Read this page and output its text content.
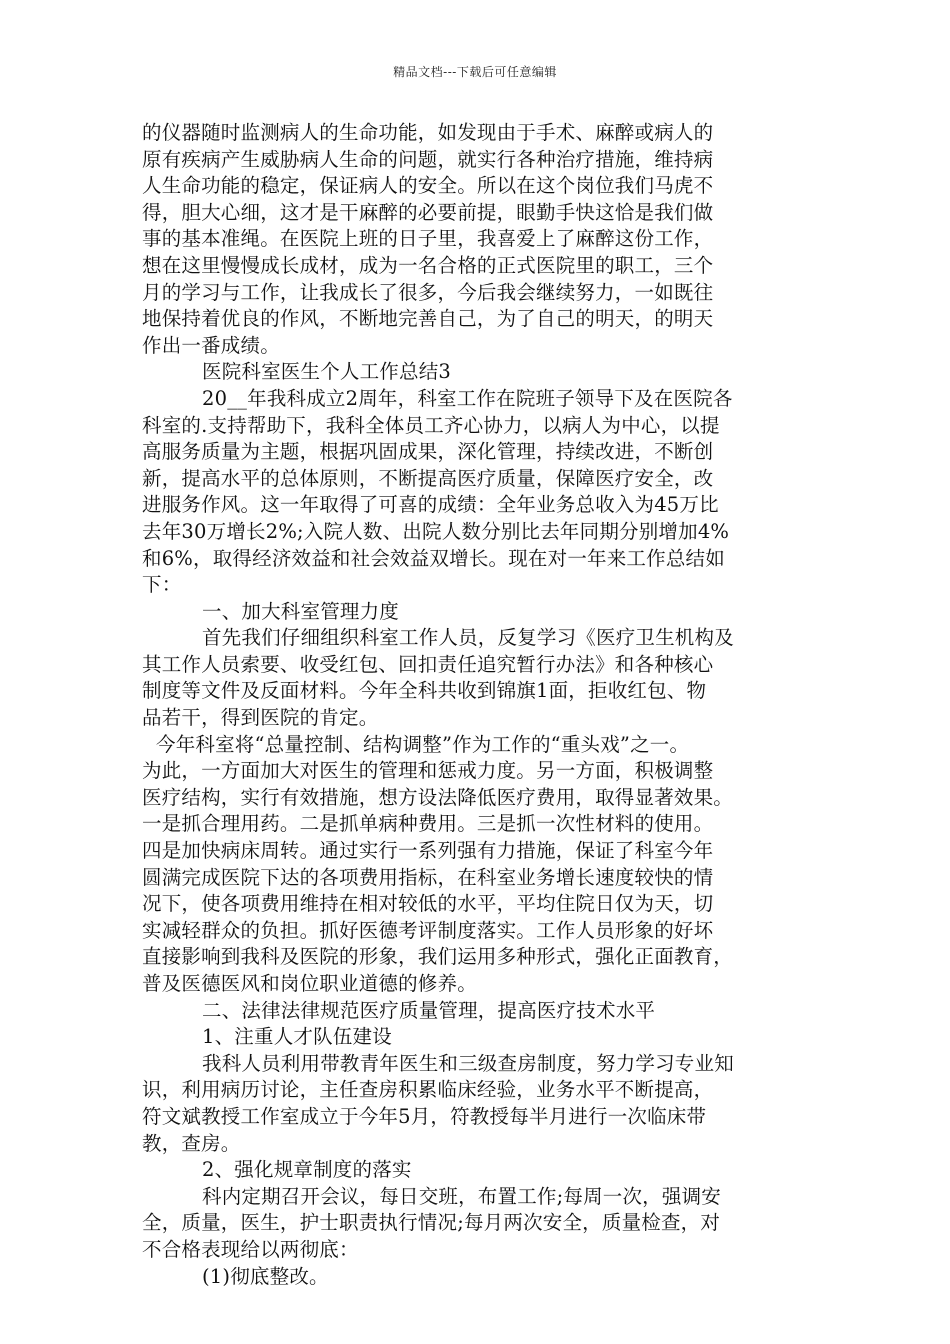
精品文档---下载后可任意编辑
的仪器随时监测病人的生命功能，如发现由于手术、麻醉或病人的
原有疾病产生威胁病人生命的问题，就实行各种治疗措施，维持病
人生命功能的稳定，保证病人的安全。所以在这个岗位我们马虎不
得，胆大心细，这才是干麻醉的必要前提，眼勤手快这恰是我们做
事的基本准绳。在医院上班的日子里，我喜爱上了麻醉这份工作，
想在这里慢慢成长成材，成为一名合格的正式医院里的职工，三个
月的学习与工作，让我成长了很多，今后我会继续努力，一如既往
地保持着优良的作风，不断地完善自己，为了自己的明天，的明天
作出一番成绩。
医院科室医生个人工作总结3
20__年我科成立2周年，科室工作在院班子领导下及在医院各
科室的.支持帮助下，我科全体员工齐心协力，以病人为中心，以提
高服务质量为主题，根据巩固成果，深化管理，持续改进，不断创
新，提高水平的总体原则，不断提高医疗质量，保障医疗安全，改
进服务作风。这一年取得了可喜的成绩：全年业务总收入为45万比
去年30万增长2%;入院人数、出院人数分别比去年同期分别增加4%
和6%，取得经济效益和社会效益双增长。现在对一年来工作总结如
下：
一、加大科室管理力度
首先我们仔细组织科室工作人员，反复学习《医疗卫生机构及
其工作人员索要、收受红包、回扣责任追究暂行办法》和各种核心
制度等文件及反面材料。今年全科共收到锦旗1面，拒收红包、物
品若干，得到医院的肯定。
今年科室将“总量控制、结构调整”作为工作的“重头戏”之一。
为此，一方面加大对医生的管理和惩戒力度。另一方面，积极调整
医疗结构，实行有效措施，想方设法降低医疗费用，取得显著效果。
一是抓合理用药。二是抓单病种费用。三是抓一次性材料的使用。
四是加快病床周转。通过实行一系列强有力措施，保证了科室今年
圆满完成医院下达的各项费用指标，在科室业务增长速度较快的情
况下，使各项费用维持在相对较低的水平，平均住院日仅为天，切
实减轻群众的负担。抓好医德考评制度落实。工作人员形象的好坏
直接影响到我科及医院的形象，我们运用多种形式，强化正面教育，
普及医德医风和岗位职业道德的修养。
二、法律法律规范医疗质量管理，提高医疗技术水平
1、注重人才队伍建设
我科人员利用带教青年医生和三级查房制度，努力学习专业知
识，利用病历讨论，主任查房积累临床经验，业务水平不断提高，
符文斌教授工作室成立于今年5月，符教授每半月进行一次临床带
教，查房。
2、强化规章制度的落实
科内定期召开会议，每日交班，布置工作;每周一次，强调安
全，质量，医生，护士职责执行情况;每月两次安全，质量检查，对
不合格表现给以两彻底：
(1)彻底整改。
